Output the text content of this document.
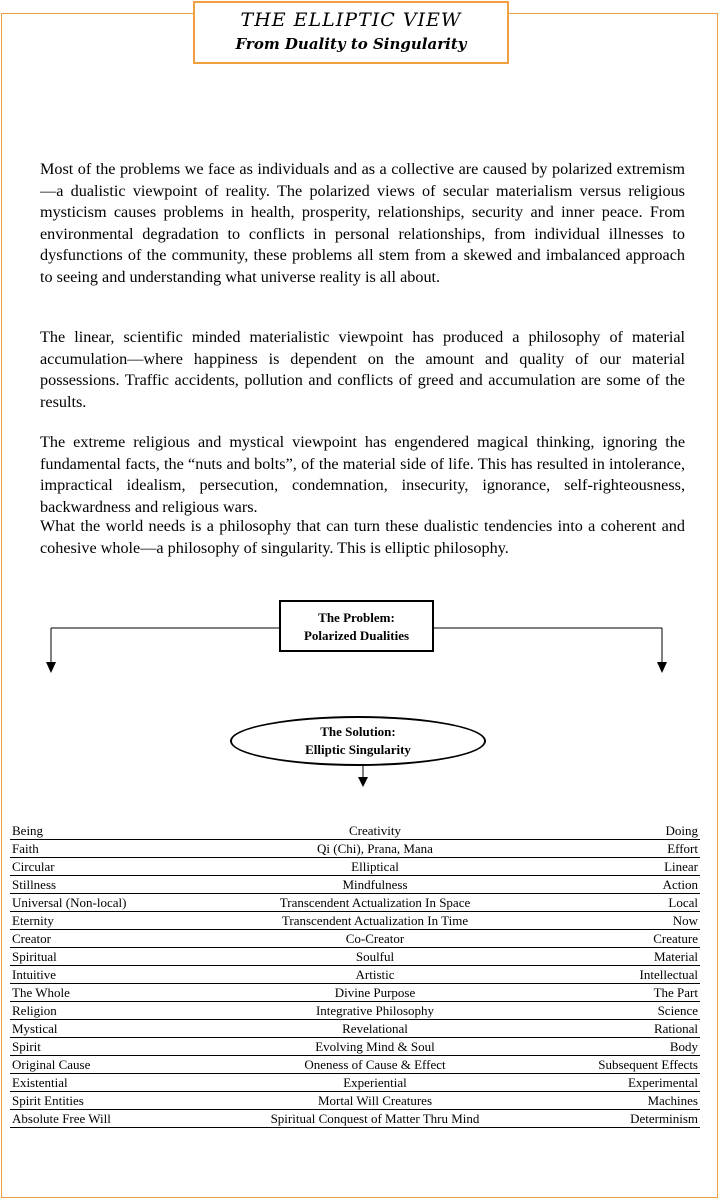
THE ELLIPTIC VIEW
From Duality to Singularity
Most of the problems we face as individuals and as a collective are caused by polarized extremism—a dualistic viewpoint of reality. The polarized views of secular materialism versus religious mysticism causes problems in health, prosperity, relationships, security and inner peace. From environmental degradation to conflicts in personal relationships, from individual illnesses to dysfunctions of the community, these problems all stem from a skewed and imbalanced approach to seeing and understanding what universe reality is all about.
The linear, scientific minded materialistic viewpoint has produced a philosophy of material accumulation—where happiness is dependent on the amount and quality of our material possessions. Traffic accidents, pollution and conflicts of greed and accumulation are some of the results.
The extreme religious and mystical viewpoint has engendered magical thinking, ignoring the fundamental facts, the “nuts and bolts”, of the material side of life. This has resulted in intolerance, impractical idealism, persecution, condemnation, insecurity, ignorance, self-righteousness, backwardness and religious wars.
What the world needs is a philosophy that can turn these dualistic tendencies into a coherent and cohesive whole—a philosophy of singularity. This is elliptic philosophy.
The Problem:
Polarized Dualities
The Solution:
Elliptic Singularity
Being	Creativity	Doing
Faith	Qi (Chi), Prana, Mana	Effort
Circular	Elliptical	Linear
Stillness	Mindfulness	Action
Universal (Non-local)	Transcendent Actualization In Space	Local
Eternity	Transcendent Actualization In Time	Now
Creator	Co-Creator	Creature
Spiritual	Soulful	Material
Intuitive	Artistic	Intellectual
The Whole	Divine Purpose	The Part
Religion	Integrative Philosophy	Science
Mystical	Revelational	Rational
Spirit	Evolving Mind & Soul	Body
Original Cause	Oneness of Cause & Effect	Subsequent Effects
Existential	Experiential	Experimental
Spirit Entities	Mortal Will Creatures	Machines
Absolute Free Will	Spiritual Conquest of Matter Thru Mind	Determinism
